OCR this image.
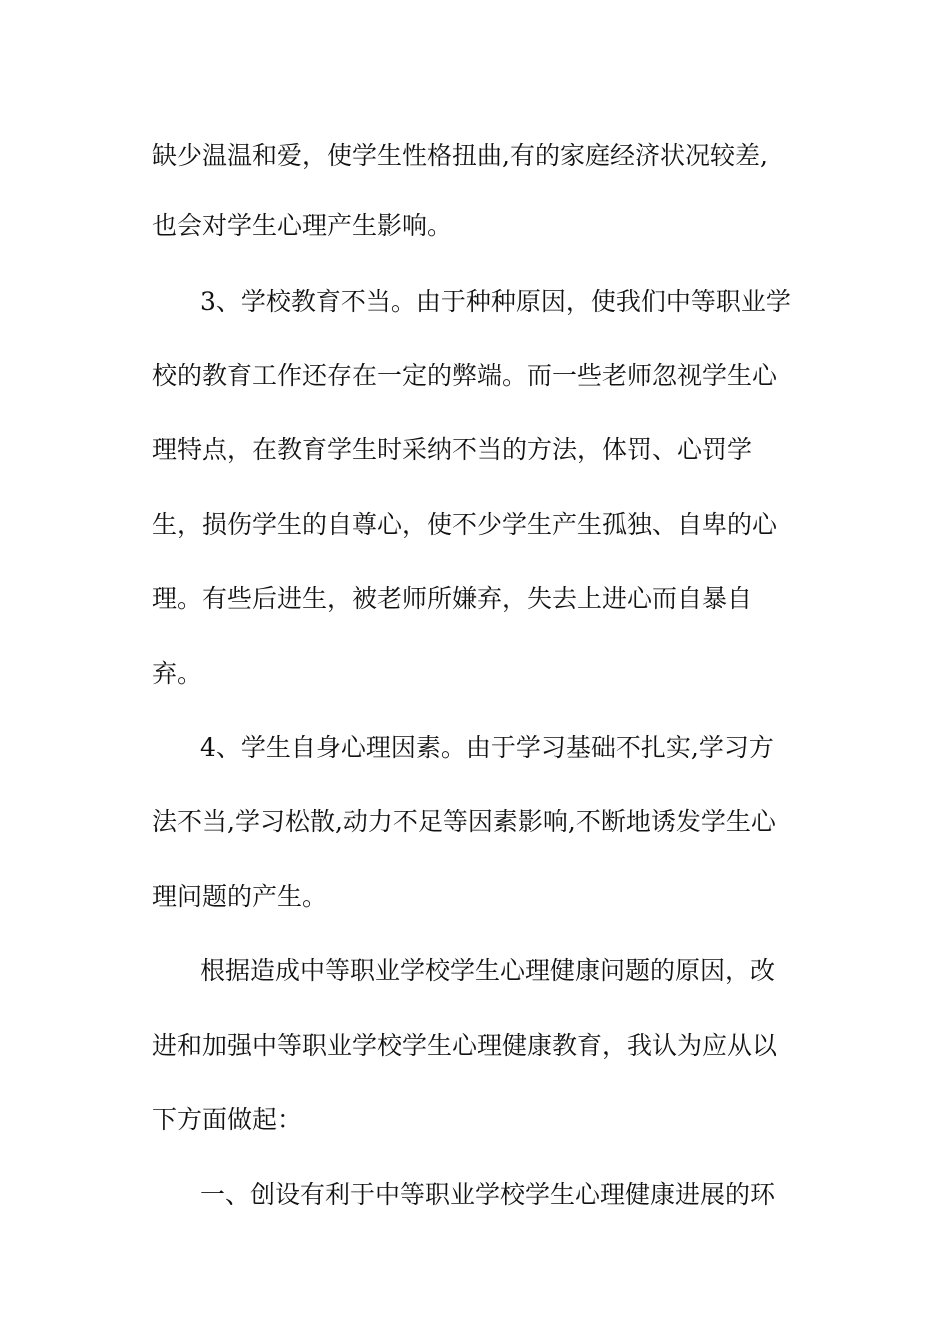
缺少温温和爱，使学生性格扭曲,有的家庭经济状况较差,
也会对学生心理产生影响。
3、学校教育不当。由于种种原因，使我们中等职业学
校的教育工作还存在一定的弊端。而一些老师忽视学生心
理特点，在教育学生时采纳不当的方法，体罚、心罚学
生，损伤学生的自尊心，使不少学生产生孤独、自卑的心
理。有些后进生，被老师所嫌弃，失去上进心而自暴自
弃。
4、学生自身心理因素。由于学习基础不扎实,学习方
法不当,学习松散,动力不足等因素影响,不断地诱发学生心
理问题的产生。
根据造成中等职业学校学生心理健康问题的原因，改
进和加强中等职业学校学生心理健康教育，我认为应从以
下方面做起：
一、创设有利于中等职业学校学生心理健康进展的环
